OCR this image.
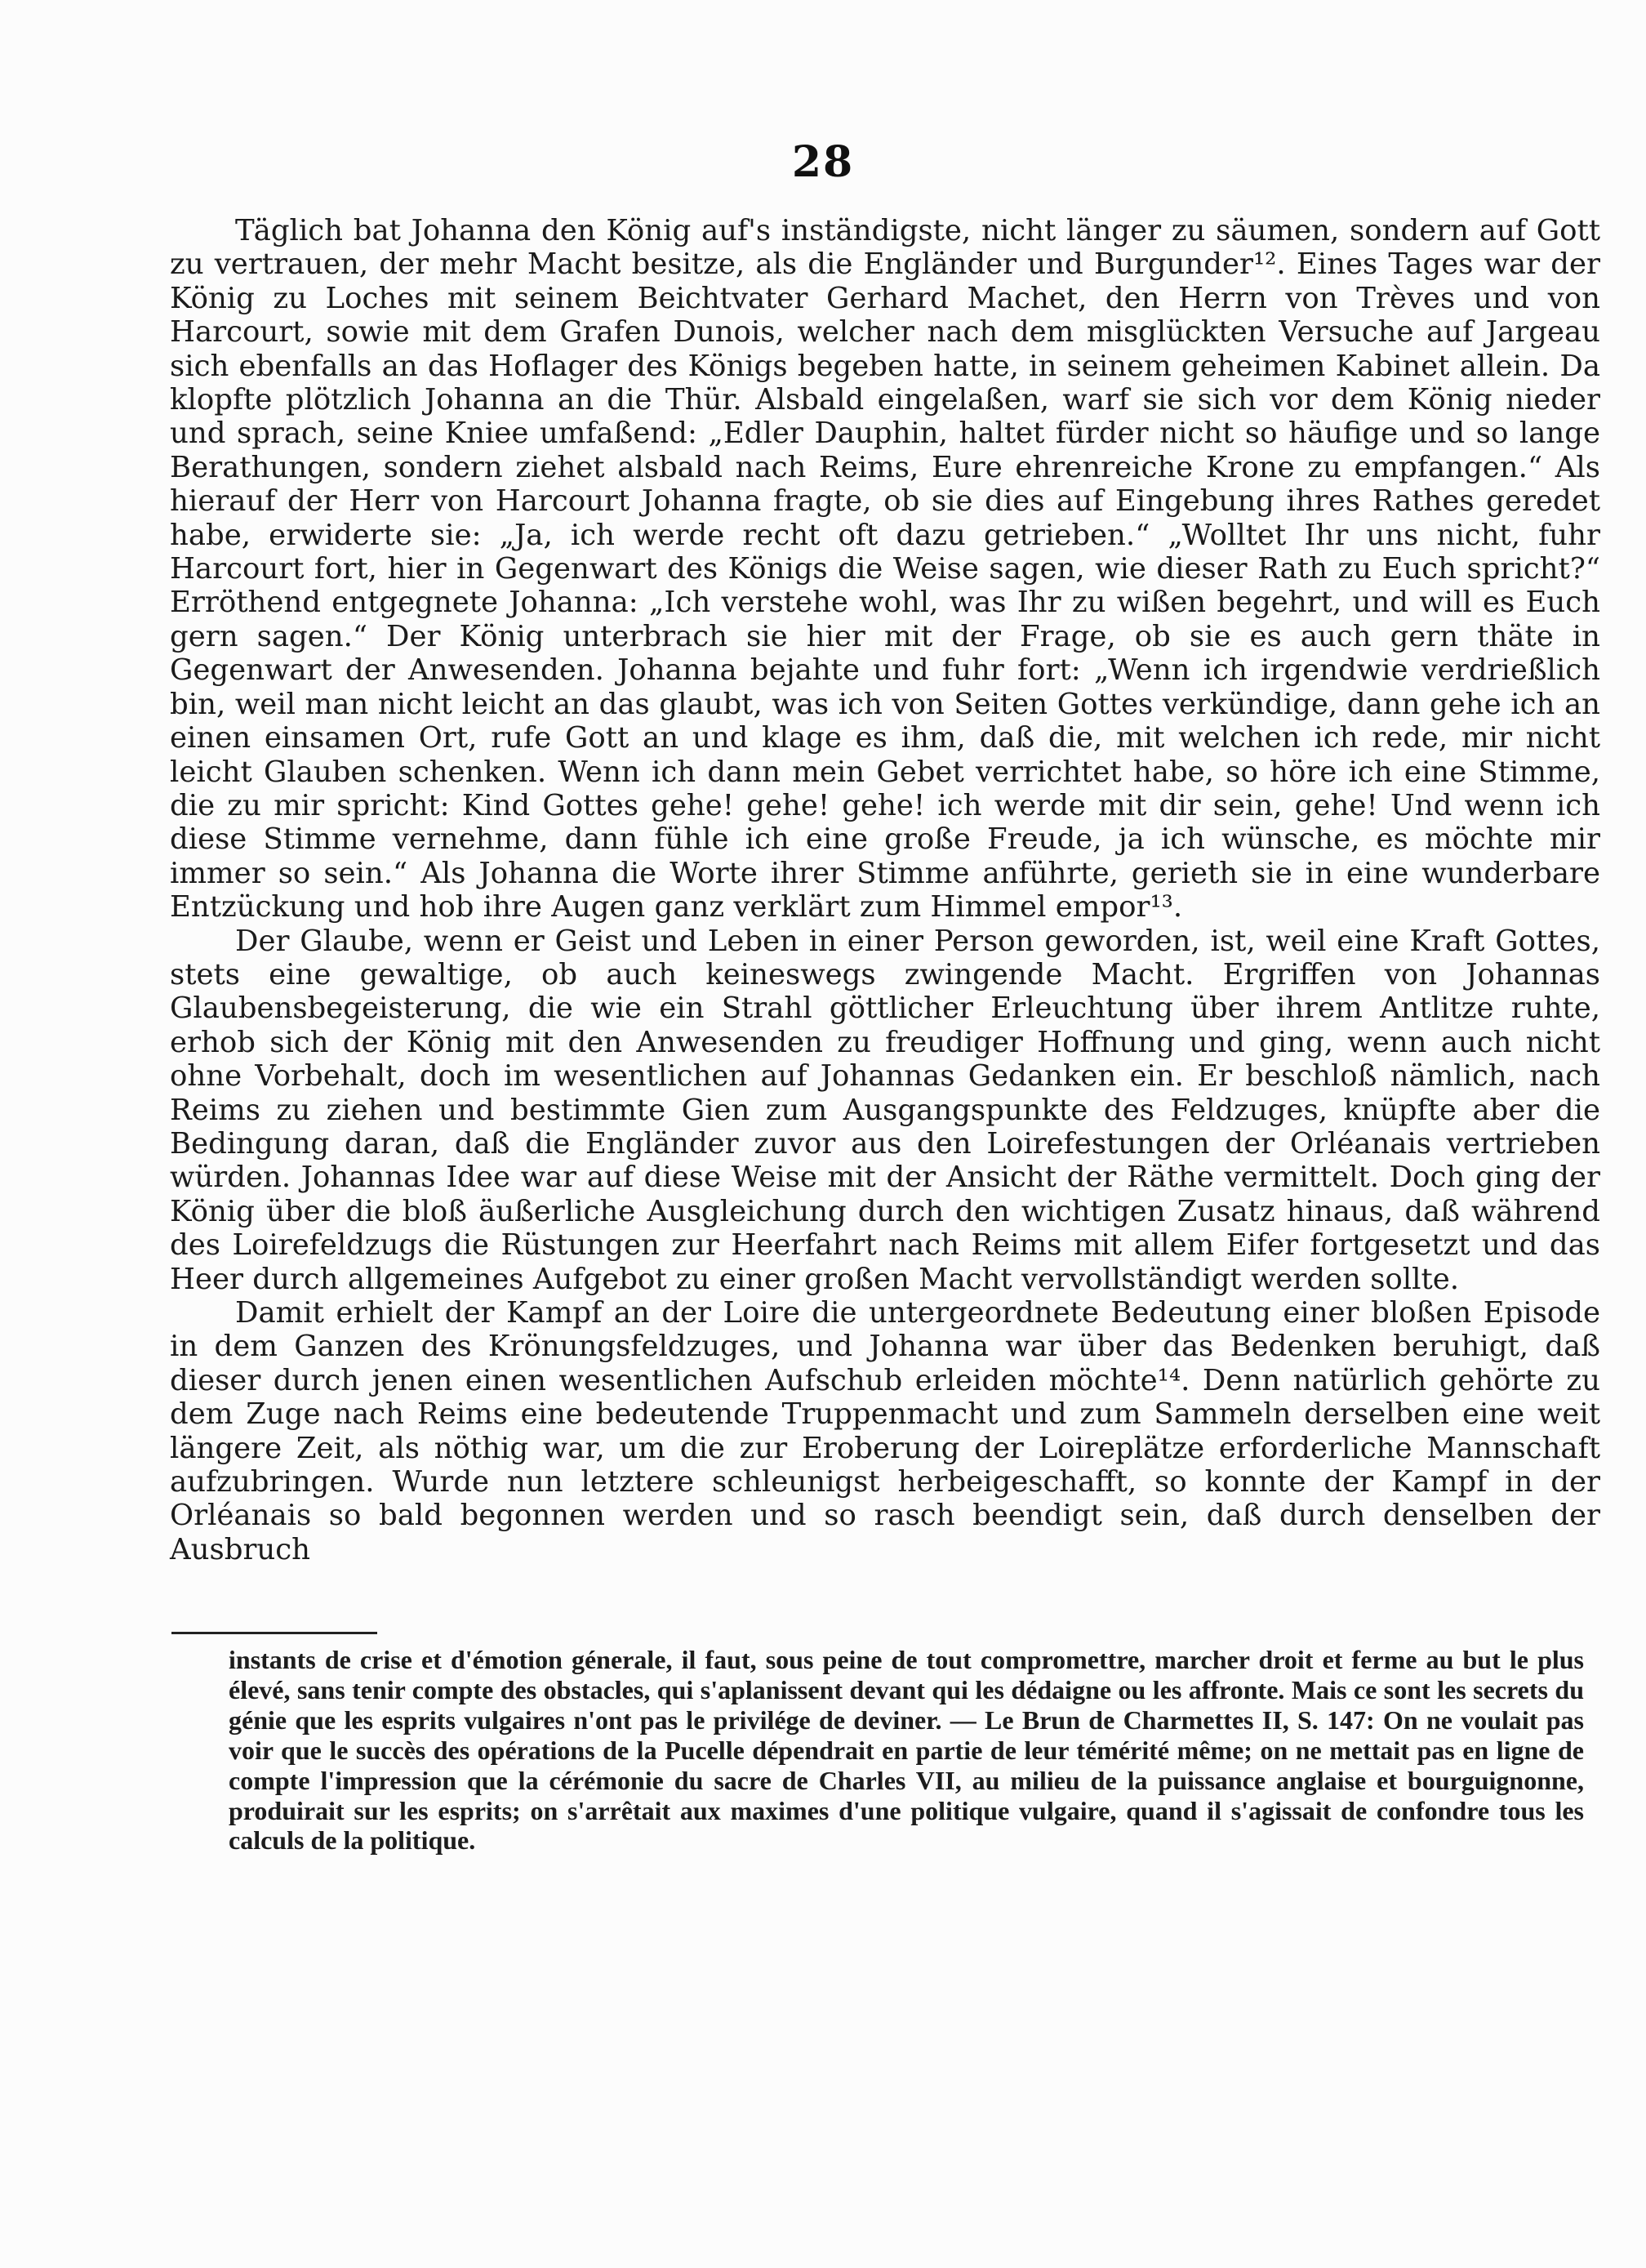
28

Täglich bat Johanna den König auf's inständigste, nicht länger zu säumen, sondern auf Gott zu vertrauen, der mehr Macht besitze, als die Engländer und Burgunder¹². Eines Tages war der König zu Loches mit seinem Beichtvater Gerhard Machet, den Herrn von Trèves und von Harcourt, sowie mit dem Grafen Dunois, welcher nach dem misglückten Versuche auf Jargeau sich ebenfalls an das Hoflager des Königs begeben hatte, in seinem geheimen Kabinet allein. Da klopfte plötzlich Johanna an die Thür. Alsbald eingelaßen, warf sie sich vor dem König nieder und sprach, seine Kniee umfaßend: „Edler Dauphin, haltet fürder nicht so häufige und so lange Berathungen, sondern ziehet alsbald nach Reims, Eure ehrenreiche Krone zu empfangen.“ Als hierauf der Herr von Harcourt Johanna fragte, ob sie dies auf Eingebung ihres Rathes geredet habe, erwiderte sie: „Ja, ich werde recht oft dazu getrieben.“ „Wolltet Ihr uns nicht, fuhr Harcourt fort, hier in Gegenwart des Königs die Weise sagen, wie dieser Rath zu Euch spricht?“ Erröthend entgegnete Johanna: „Ich verstehe wohl, was Ihr zu wißen begehrt, und will es Euch gern sagen.“ Der König unterbrach sie hier mit der Frage, ob sie es auch gern thäte in Gegenwart der Anwesenden. Johanna bejahte und fuhr fort: „Wenn ich irgendwie verdrießlich bin, weil man nicht leicht an das glaubt, was ich von Seiten Gottes verkündige, dann gehe ich an einen einsamen Ort, rufe Gott an und klage es ihm, daß die, mit welchen ich rede, mir nicht leicht Glauben schenken. Wenn ich dann mein Gebet verrichtet habe, so höre ich eine Stimme, die zu mir spricht: Kind Gottes gehe! gehe! gehe! ich werde mit dir sein, gehe! Und wenn ich diese Stimme vernehme, dann fühle ich eine große Freude, ja ich wünsche, es möchte mir immer so sein.“ Als Johanna die Worte ihrer Stimme anführte, gerieth sie in eine wunderbare Entzückung und hob ihre Augen ganz verklärt zum Himmel empor¹³.

Der Glaube, wenn er Geist und Leben in einer Person geworden, ist, weil eine Kraft Gottes, stets eine gewaltige, ob auch keineswegs zwingende Macht. Ergriffen von Johannas Glaubensbegeisterung, die wie ein Strahl göttlicher Erleuchtung über ihrem Antlitze ruhte, erhob sich der König mit den Anwesenden zu freudiger Hoffnung und ging, wenn auch nicht ohne Vorbehalt, doch im wesentlichen auf Johannas Gedanken ein. Er beschloß nämlich, nach Reims zu ziehen und bestimmte Gien zum Ausgangspunkte des Feldzuges, knüpfte aber die Bedingung daran, daß die Engländer zuvor aus den Loirefestungen der Orléanais vertrieben würden. Johannas Idee war auf diese Weise mit der Ansicht der Räthe vermittelt. Doch ging der König über die bloß äußerliche Ausgleichung durch den wichtigen Zusatz hinaus, daß während des Loirefeldzugs die Rüstungen zur Heerfahrt nach Reims mit allem Eifer fortgesetzt und das Heer durch allgemeines Aufgebot zu einer großen Macht vervollständigt werden sollte.

Damit erhielt der Kampf an der Loire die untergeordnete Bedeutung einer bloßen Episode in dem Ganzen des Krönungsfeldzuges, und Johanna war über das Bedenken beruhigt, daß dieser durch jenen einen wesentlichen Aufschub erleiden möchte¹⁴. Denn natürlich gehörte zu dem Zuge nach Reims eine bedeutende Truppenmacht und zum Sammeln derselben eine weit längere Zeit, als nöthig war, um die zur Eroberung der Loireplätze erforderliche Mannschaft aufzubringen. Wurde nun letztere schleunigst herbeigeschafft, so konnte der Kampf in der Orléanais so bald begonnen werden und so rasch beendigt sein, daß durch denselben der Ausbruch

instants de crise et d'émotion génerale, il faut, sous peine de tout compromettre, marcher droit et ferme au but le plus élevé, sans tenir compte des obstacles, qui s'aplanissent devant qui les dédaigne ou les affronte. Mais ce sont les secrets du génie que les esprits vulgaires n'ont pas le privilége de deviner. — Le Brun de Charmettes II, S. 147: On ne voulait pas voir que le succès des opérations de la Pucelle dépendrait en partie de leur témérité même; on ne mettait pas en ligne de compte l'impression que la cérémonie du sacre de Charles VII, au milieu de la puissance anglaise et bourguignonne, produirait sur les esprits; on s'arrêtait aux maximes d'une politique vulgaire, quand il s'agissait de confondre tous les calculs de la politique.
